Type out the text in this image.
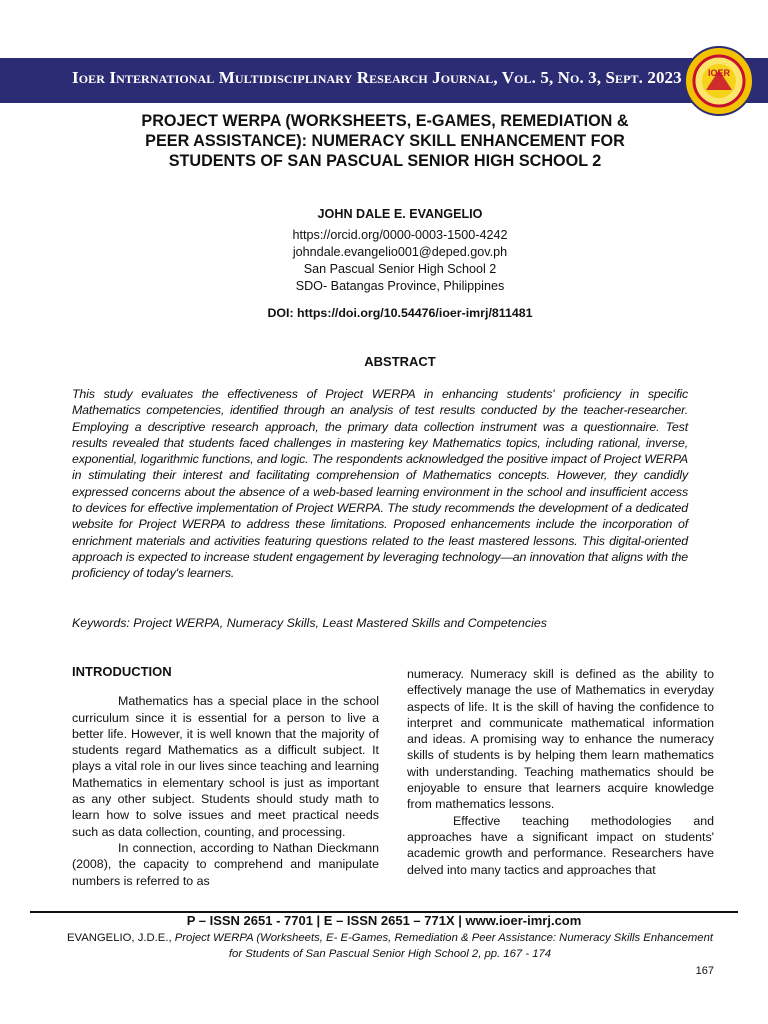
Ioer International Multidisciplinary Research Journal, Vol. 5, No. 3, Sept. 2023	IOER
PROJECT WERPA (WORKSHEETS, E-GAMES, REMEDIATION &
PEER ASSISTANCE): NUMERACY SKILL ENHANCEMENT FOR
STUDENTS OF SAN PASCUAL SENIOR HIGH SCHOOL 2
JOHN DALE E. EVANGELIO
https://orcid.org/0000-0003-1500-4242
johndale.evangelio001@deped.gov.ph
San Pascual Senior High School 2
SDO- Batangas Province, Philippines
DOI: https://doi.org/10.54476/ioer-imrj/811481
ABSTRACT

This study evaluates the effectiveness of Project WERPA in enhancing students' proficiency in specific Mathematics competencies, identified through an analysis of test results conducted by the teacher-researcher. Employing a descriptive research approach, the primary data collection instrument was a questionnaire. Test results revealed that students faced challenges in mastering key Mathematics topics, including rational, inverse, exponential, logarithmic functions, and logic. The respondents acknowledged the positive impact of Project WERPA in stimulating their interest and facilitating comprehension of Mathematics concepts. However, they candidly expressed concerns about the absence of a web-based learning environment in the school and insufficient access to devices for effective implementation of Project WERPA. The study recommends the development of a dedicated website for Project WERPA to address these limitations. Proposed enhancements include the incorporation of enrichment materials and activities featuring questions related to the least mastered lessons. This digital-oriented approach is expected to increase student engagement by leveraging technology—an innovation that aligns with the proficiency of today's learners.

Keywords: Project WERPA, Numeracy Skills, Least Mastered Skills and Competencies

INTRODUCTION

Mathematics has a special place in the school curriculum since it is essential for a person to live a better life. However, it is well known that the majority of students regard Mathematics as a difficult subject. It plays a vital role in our lives since teaching and learning Mathematics in elementary school is just as important as any other subject. Students should study math to learn how to solve issues and meet practical needs such as data collection, counting, and processing.

In connection, according to Nathan Dieckmann (2008), the capacity to comprehend and manipulate numbers is referred to as

numeracy. Numeracy skill is defined as the ability to effectively manage the use of Mathematics in everyday aspects of life. It is the skill of having the confidence to interpret and communicate mathematical information and ideas. A promising way to enhance the numeracy skills of students is by helping them learn mathematics with understanding. Teaching mathematics should be enjoyable to ensure that learners acquire knowledge from mathematics lessons.

Effective teaching methodologies and approaches have a significant impact on students' academic growth and performance. Researchers have delved into many tactics and approaches that

P – ISSN 2651 - 7701 | E – ISSN 2651 – 771X | www.ioer-imrj.com
EVANGELIO, J.D.E., Project WERPA (Worksheets, E- E-Games, Remediation & Peer Assistance: Numeracy Skills Enhancement for Students of San Pascual Senior High School 2, pp. 167 - 174
167
